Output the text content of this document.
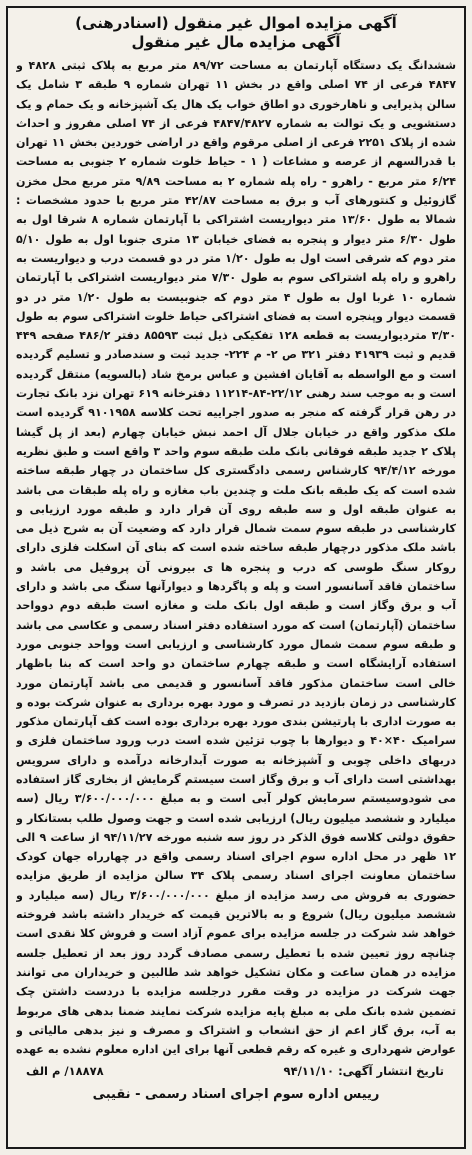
آگهی مزایده اموال غیر منقول (اسنادرهنی)
آگهی مزایده مال غیر منقول

ششدانگ یک دستگاه آپارتمان به مساحت ۸۹/۷۲ متر مربع به پلاک ثبتی ۴۸۲۸ و ۴۸۴۷ فرعی از ۷۴ اصلی واقع در بخش ۱۱ تهران شماره ۹ طبقه ۳ شامل یک سالن پذیرایی و ناهارخوری دو اطاق خواب یک هال یک آشپزخانه و یک حمام و یک دستشویی و یک توالت به شماره ۴۸۴۷/۴۸۲۷ فرعی از ۷۴ اصلی مفروز و احداث شده از پلاک ۲۲۵۱ فرعی از اصلی مرقوم واقع در اراضی خوردین بخش ۱۱ تهران با قدرالسهم از عرصه و مشاعات ( ۱ - حیاط خلوت شماره ۲ جنوبی به مساحت ۶/۲۴ متر مربع - راهرو - راه پله شماره ۲ به مساحت ۹/۸۹ متر مربع محل مخزن گازوئیل و کنتورهای آب و برق به مساحت ۴۲/۸۷ متر مربع با حدود مشخصات : شمالا به طول ۱۳/۶۰ متر دیواریست اشتراکی با آپارتمان شماره ۸ شرقا اول به طول ۶/۳۰ متر دیوار و پنجره به فضای خیابان ۱۳ متری جنوبا اول به طول ۵/۱۰ متر دوم که شرقی است اول به طول ۱/۲۰ متر در دو قسمت درب و دیواریست به راهرو و راه پله اشتراکی سوم به طول ۷/۳۰ متر دیواریست اشتراکی با آپارتمان شماره ۱۰ غربا اول به طول ۴ متر دوم که جنوبیست به طول ۱/۲۰ متر در دو قسمت دیوار وپنجره است به فضای اشتراکی حیاط خلوت اشتراکی سوم به طول ۳/۳۰ متردیواریست به قطعه ۱۲۸ تفکیکی ذیل ثبت ۸۵۵۹۳ دفتر ۴۸۶/۲ صفحه ۴۴۹ قدیم و ثبت ۴۱۹۳۹ دفتر ۳۲۱ ص ۲- م ۲۲۴- جدید ثبت و سندصادر و تسلیم گردیده است و مع الواسطه به آقایان افشین و عباس برمخ شاد (بالسویه) منتقل گردیده است و به موجب سند رهنی ۲۲/۱۲-۸۴-۱۱۲۱۴ دفترخانه ۶۱۹ تهران نزد بانک تجارت در رهن قرار گرفته که منجر به صدور اجراییه تحت کلاسه ۹۱۰۱۹۵۸ گردیده است ملک مذکور واقع در خیابان جلال آل احمد نبش خیابان چهارم (بعد از پل گیشا پلاک ۲ جدید طبقه فوقانی بانک ملت طبقه سوم واحد ۳ واقع است و طبق نظریه مورخه ۹۴/۴/۱۲ کارشناس رسمی دادگستری کل ساختمان در چهار طبقه ساخته شده است که یک طبقه بانک ملت و چندین باب مغازه و راه پله طبقات می باشد به عنوان طبقه اول و سه طبقه روی آن قرار دارد و طبقه مورد ارزیابی و کارشناسی در طبقه سوم سمت شمال قرار دارد که وضعیت آن به شرح ذیل می باشد ملک مذکور درچهار طبقه ساخته شده است که بنای آن اسکلت فلزی دارای روکار سنگ طوسی که درب و پنجره ها ی بیرونی آن پروفیل می باشد و ساختمان فاقد آسانسور است و پله و پاگردها و دیوارآنها سنگ می باشد و دارای آب و برق وگاز است و طبقه اول بانک ملت و مغازه است طبقه دوم دوواحد ساختمان (آپارتمان) است که مورد استفاده دفتر اسناد رسمی و عکاسی می باشد و طبقه سوم سمت شمال مورد کارشناسی و ارزیابی است وواحد جنوبی مورد استفاده آرایشگاه است و طبقه چهارم ساختمان دو واحد است که بنا باظهار خالی است ساختمان مذکور فاقد آسانسور و قدیمی می باشد آپارتمان مورد کارشناسی در زمان بازدید در تصرف و مورد بهره برداری به عنوان شرکت بوده و به صورت اداری با پارتیشن بندی مورد بهره برداری بوده است کف آپارتمان مذکور سرامیک ۴۰×۴۰ و دیوارها با چوب تزئین شده است درب ورود ساختمان فلزی و دربهای داخلی چوبی و آشپزخانه به صورت آبدارخانه درآمده و دارای سرویس بهداشتی است دارای آب و برق وگاز است سیستم گرمایش از بخاری گاز استفاده می شودوسیستم سرمایش کولر آبی است و به مبلغ ۳/۶۰۰/۰۰۰/۰۰۰ ریال (سه میلیارد و ششصد میلیون ریال) ارزیابی شده است و جهت وصول طلب بستانکار و حقوق دولتی کلاسه فوق الذکر در روز سه شنبه مورخه ۹۴/۱۱/۲۷ از ساعت ۹ الی ۱۲ ظهر در محل اداره سوم اجرای اسناد رسمی واقع در چهارراه جهان کودک ساختمان معاونت اجرای اسناد رسمی پلاک ۳۴ سالن مزایده از طریق مزایده حضوری به فروش می رسد مزایده از مبلغ ۳/۶۰۰/۰۰۰/۰۰۰ ریال (سه میلیارد و ششصد میلیون ریال) شروع و به بالاترین قیمت که خریدار داشته باشد فروخته خواهد شد شرکت در جلسه مزایده برای عموم آزاد است و فروش کلا نقدی است چنانچه روز تعیین شده با تعطیل رسمی مصادف گردد روز بعد از تعطیل جلسه مزایده در همان ساعت و مکان تشکیل خواهد شد طالبین و خریداران می توانند جهت شرکت در مزایده در وقت مقرر درجلسه مزایده با دردست داشتن چک تضمین شده بانک ملی به مبلغ پایه مزایده شرکت نمایند ضمنا بدهی های مربوط به آب، برق گاز اعم از حق انشعاب و اشتراک و مصرف و نیز بدهی مالیاتی و عوارض شهرداری و غیره که رقم قطعی آنها برای این اداره معلوم نشده به عهده

تاریخ انتشار آگهی: ۹۴/۱۱/۱۰
۱۸۸۷۸/ م الف
رییس اداره سوم اجرای اسناد رسمی - نقیبی
